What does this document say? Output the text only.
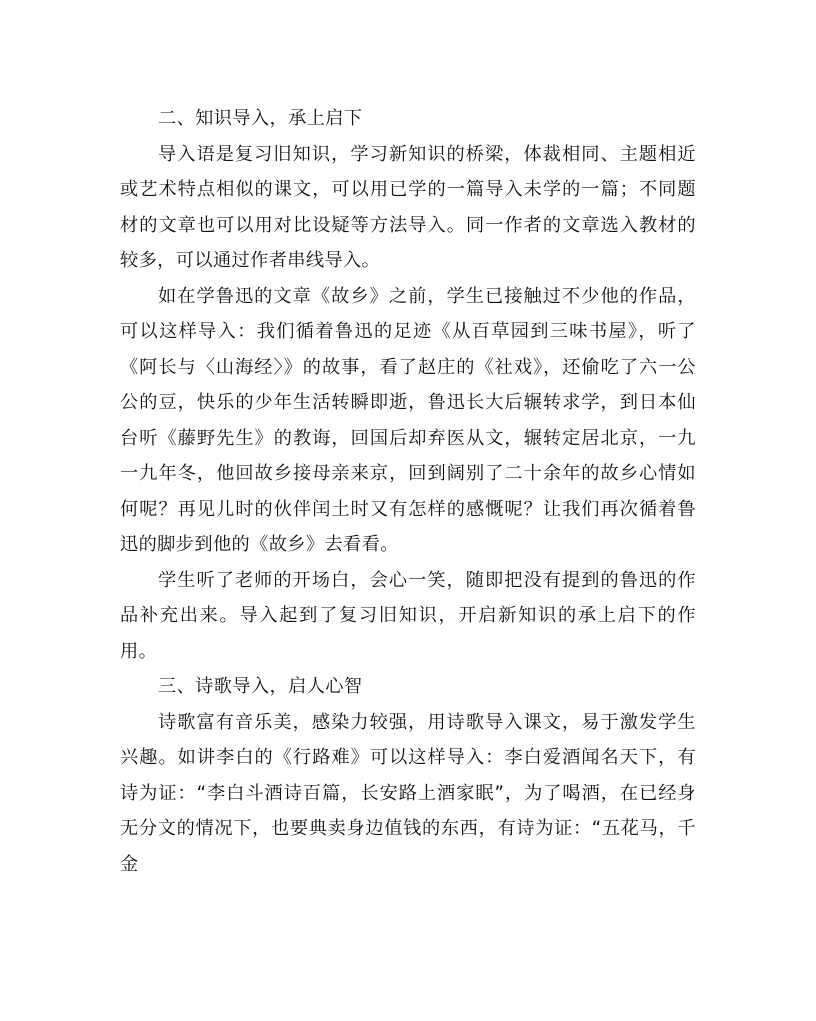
二、知识导入，承上启下

导入语是复习旧知识，学习新知识的桥梁，体裁相同、主题相近或艺术特点相似的课文，可以用已学的一篇导入未学的一篇；不同题材的文章也可以用对比设疑等方法导入。同一作者的文章选入教材的较多，可以通过作者串线导入。

如在学鲁迅的文章《故乡》之前，学生已接触过不少他的作品，可以这样导入：我们循着鲁迅的足迹《从百草园到三味书屋》，听了《阿长与〈山海经〉》的故事，看了赵庄的《社戏》，还偷吃了六一公公的豆，快乐的少年生活转瞬即逝，鲁迅长大后辗转求学，到日本仙台听《藤野先生》的教诲，回国后却弃医从文，辗转定居北京，一九一九年冬，他回故乡接母亲来京，回到阔别了二十余年的故乡心情如何呢？再见儿时的伙伴闰土时又有怎样的感慨呢？让我们再次循着鲁迅的脚步到他的《故乡》去看看。

学生听了老师的开场白，会心一笑，随即把没有提到的鲁迅的作品补充出来。导入起到了复习旧知识，开启新知识的承上启下的作用。

三、诗歌导入，启人心智

诗歌富有音乐美，感染力较强，用诗歌导入课文，易于激发学生兴趣。如讲李白的《行路难》可以这样导入：李白爱酒闻名天下，有诗为证：“李白斗酒诗百篇，长安路上酒家眠”，为了喝酒，在已经身无分文的情况下，也要典卖身边值钱的东西，有诗为证：“五花马，千金
